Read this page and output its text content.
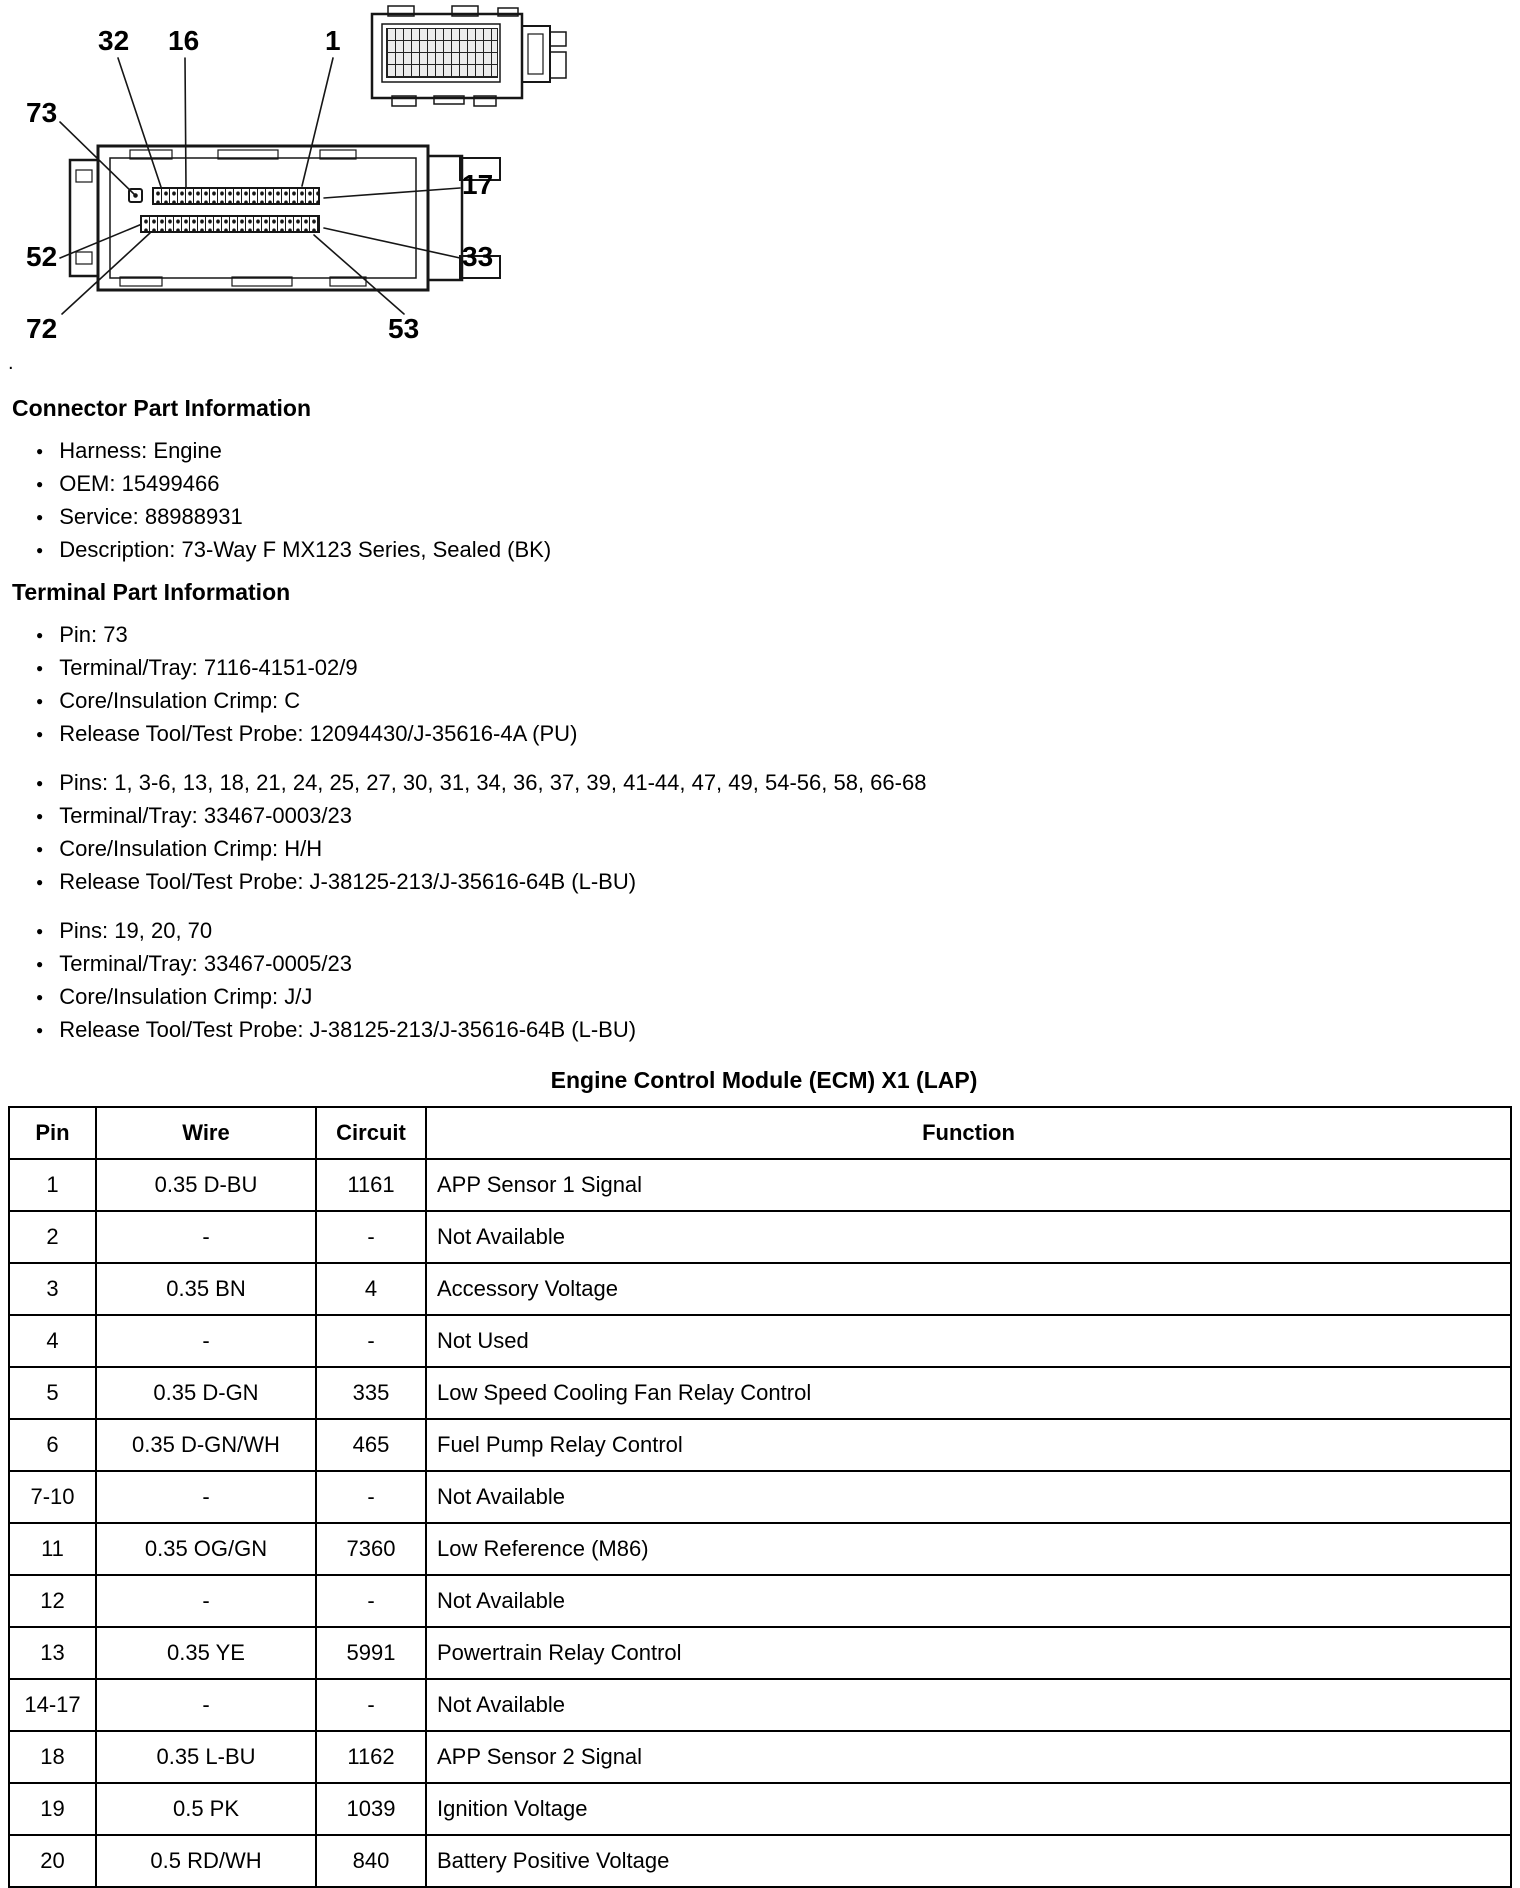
32 16	1
73
17
52	33
72	53
.
Connector Part Information
● Harness: Engine
● OEM: 15499466
● Service: 88988931
● Description: 73-Way F MX123 Series, Sealed (BK)
Terminal Part Information
● Pin: 73
● Terminal/Tray: 7116-4151-02/9
● Core/Insulation Crimp: C
● Release Tool/Test Probe: 12094430/J-35616-4A (PU)
● Pins: 1, 3-6, 13, 18, 21, 24, 25, 27, 30, 31, 34, 36, 37, 39, 41-44, 47, 49, 54-56, 58, 66-68
● Terminal/Tray: 33467-0003/23
● Core/Insulation Crimp: H/H
● Release Tool/Test Probe: J-38125-213/J-35616-64B (L-BU)
● Pins: 19, 20, 70
● Terminal/Tray: 33467-0005/23
● Core/Insulation Crimp: J/J
● Release Tool/Test Probe: J-38125-213/J-35616-64B (L-BU)
Engine Control Module (ECM) X1 (LAP)
Pin	Wire	Circuit	Function
1	0.35 D-BU	1161	APP Sensor 1 Signal
2	-	-	Not Available
3	0.35 BN	4	Accessory Voltage
4	-	-	Not Used
5	0.35 D-GN	335	Low Speed Cooling Fan Relay Control
6	0.35 D-GN/WH	465	Fuel Pump Relay Control
7-10	-	-	Not Available
11	0.35 OG/GN	7360	Low Reference (M86)
12	-	-	Not Available
13	0.35 YE	5991	Powertrain Relay Control
14-17	-	-	Not Available
18	0.35 L-BU	1162	APP Sensor 2 Signal
19	0.5 PK	1039	Ignition Voltage
20	0.5 RD/WH	840	Battery Positive Voltage
